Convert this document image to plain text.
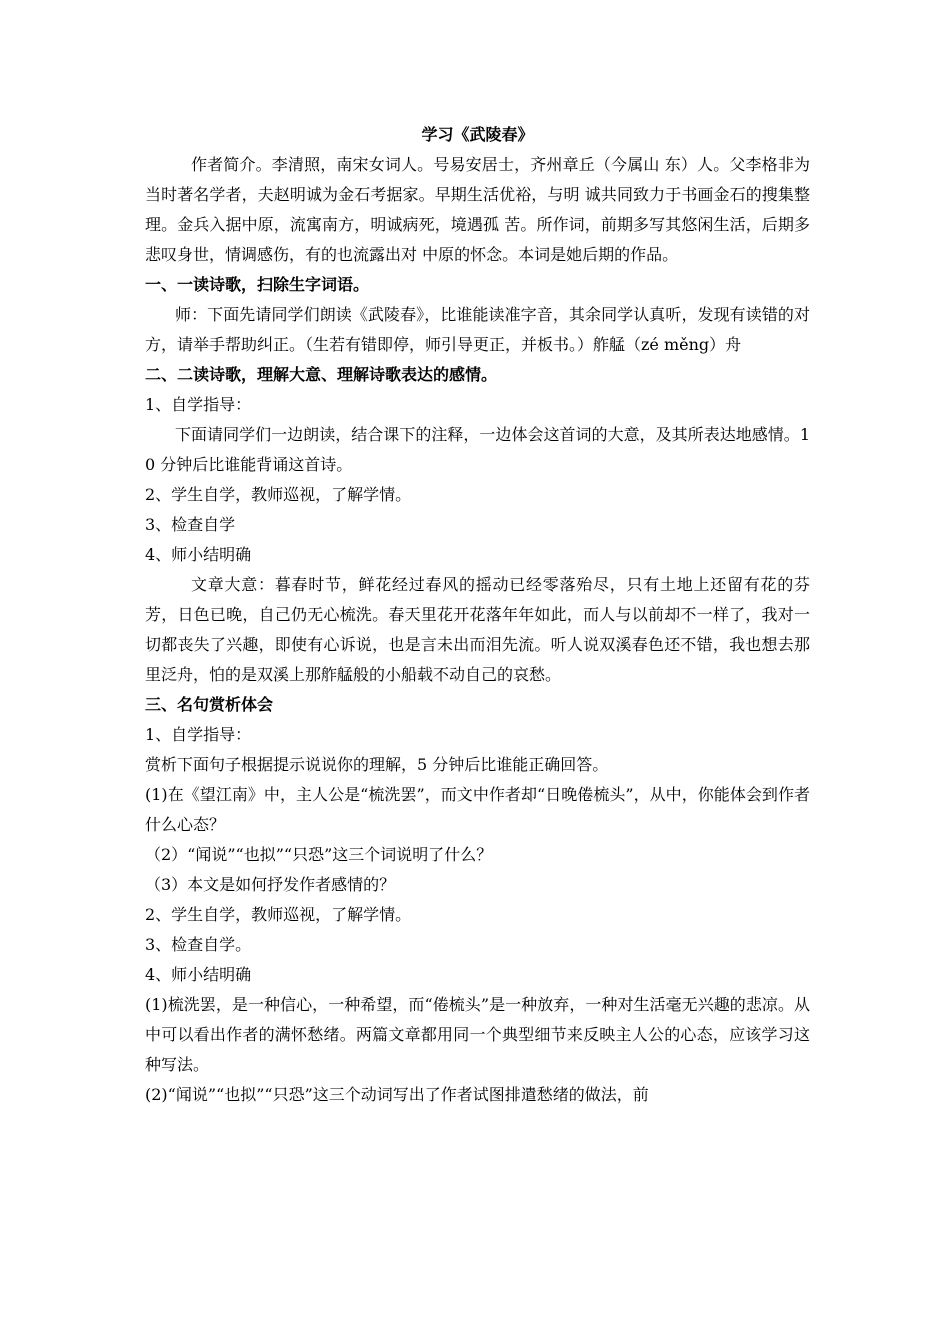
学习《武陵春》

作者简介。李清照，南宋女词人。号易安居士，齐州章丘（今属山 东）人。父李格非为当时著名学者，夫赵明诚为金石考据家。早期生活优裕，与明 诚共同致力于书画金石的搜集整理。金兵入据中原，流寓南方，明诚病死，境遇孤 苦。所作词，前期多写其悠闲生活，后期多悲叹身世，情调感伤，有的也流露出对 中原的怀念。本词是她后期的作品。

一、一读诗歌，扫除生字词语。

师：下面先请同学们朗读《武陵春》，比谁能读准字音，其余同学认真听，发现有读错的对方，请举手帮助纠正。（生若有错即停，师引导更正，并板书。）舴艋（zé měng）舟

二、二读诗歌，理解大意、理解诗歌表达的感情。

1、自学指导：

下面请同学们一边朗读，结合课下的注释，一边体会这首词的大意，及其所表达地感情。10 分钟后比谁能背诵这首诗。

2、学生自学，教师巡视，了解学情。

3、检查自学

4、师小结明确

文章大意：暮春时节，鲜花经过春风的摇动已经零落殆尽，只有土地上还留有花的芬芳，日色已晚，自己仍无心梳洗。春天里花开花落年年如此，而人与以前却不一样了，我对一切都丧失了兴趣，即使有心诉说，也是言未出而泪先流。听人说双溪春色还不错，我也想去那里泛舟，怕的是双溪上那舴艋般的小船载不动自己的哀愁。

三、名句赏析体会

1、自学指导：

赏析下面句子根据提示说说你的理解，5 分钟后比谁能正确回答。

(1)在《望江南》中，主人公是“梳洗罢”，而文中作者却“日晚倦梳头”，从中，你能体会到作者什么心态？

（2）“闻说”“也拟”“只恐”这三个词说明了什么？

（3）本文是如何抒发作者感情的？

2、学生自学，教师巡视，了解学情。

3、检查自学。

4、师小结明确

(1)梳洗罢，是一种信心，一种希望，而“倦梳头”是一种放弃，一种对生活毫无兴趣的悲凉。从中可以看出作者的满怀愁绪。两篇文章都用同一个典型细节来反映主人公的心态，应该学习这种写法。

(2)“闻说”“也拟”“只恐”这三个动词写出了作者试图排遣愁绪的做法，前
